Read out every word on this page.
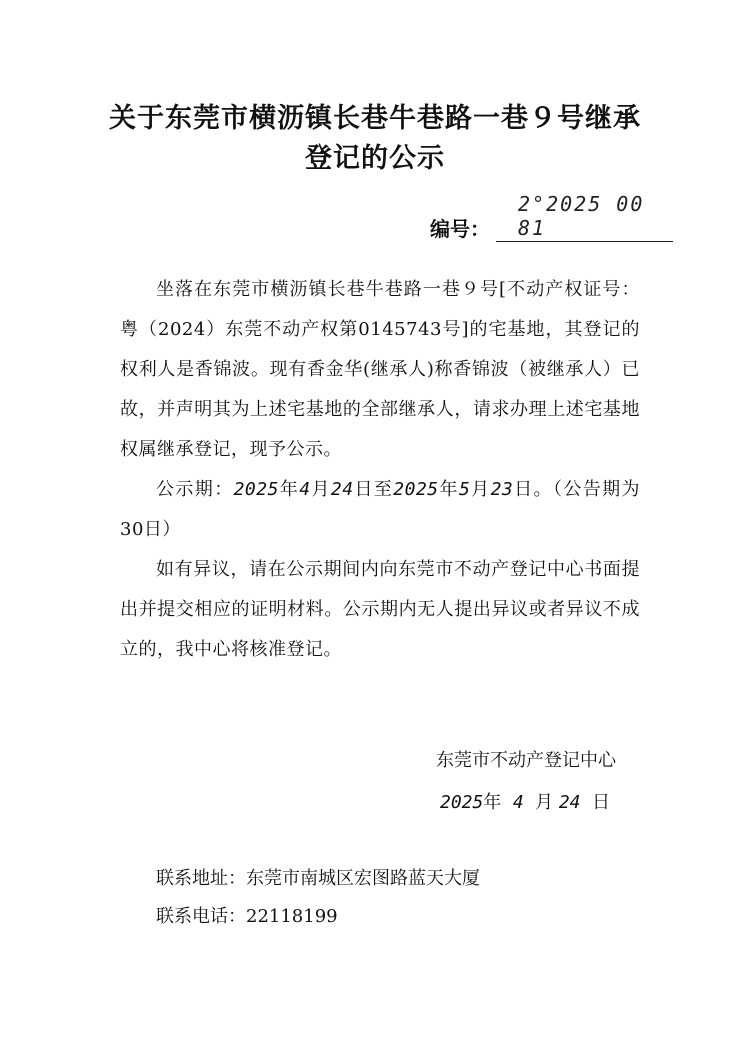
关于东莞市横沥镇长巷牛巷路一巷９号继承
登记的公示
编号：
2°2025 00 81
坐落在东莞市横沥镇长巷牛巷路一巷９号[不动产权证号：粤（2024）东莞不动产权第0145743号]的宅基地，其登记的权利人是香锦波。现有香金华(继承人)称香锦波（被继承人）已故，并声明其为上述宅基地的全部继承人，请求办理上述宅基地权属继承登记，现予公示。
公示期：2025年4月24日至2025年5月23日。（公告期为30日）
如有异议，请在公示期间内向东莞市不动产登记中心书面提出并提交相应的证明材料。公示期内无人提出异议或者异议不成立的，我中心将核准登记。
东莞市不动产登记中心
2025年 4 月 24 日
联系地址：东莞市南城区宏图路蓝天大厦
联系电话：22118199
